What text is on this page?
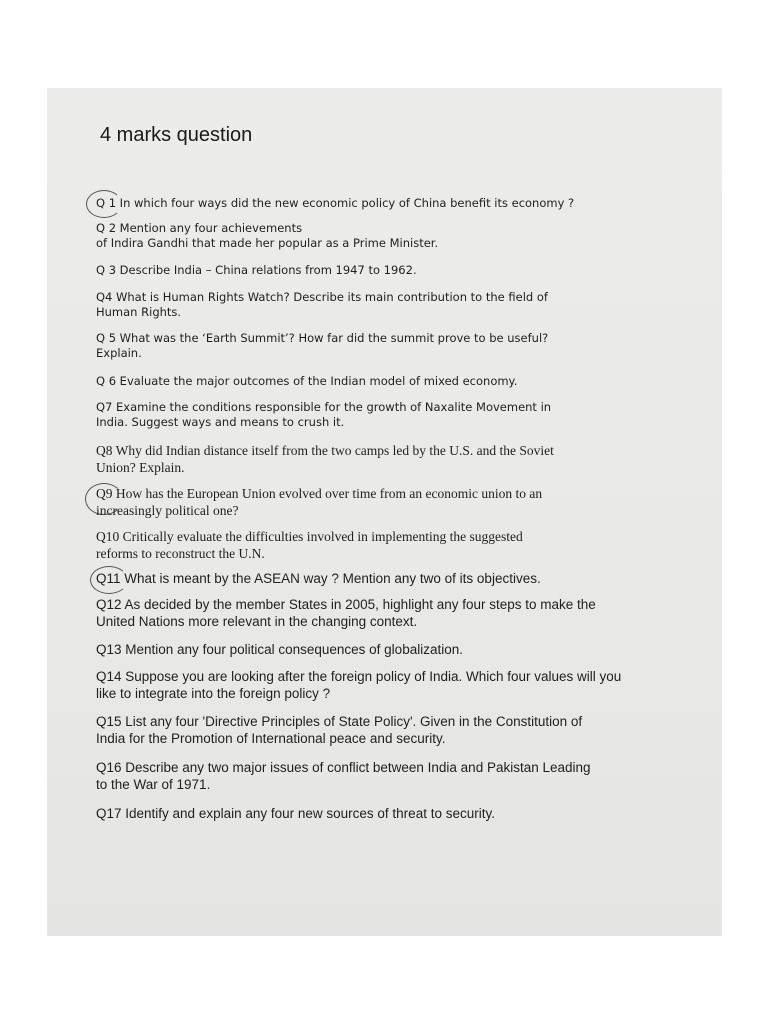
4 marks question
Q 1 In which four ways did the new economic policy of China benefit its economy ?
Q 2 Mention any four achievements
of Indira Gandhi that made her popular as a Prime Minister.
Q 3 Describe India – China relations from 1947 to 1962.
Q4 What is Human Rights Watch? Describe its main contribution to the field of
Human Rights.
Q 5 What was the ‘Earth Summit’? How far did the summit prove to be useful?
Explain.
Q 6 Evaluate the major outcomes of the Indian model of mixed economy.
Q7 Examine the conditions responsible for the growth of Naxalite Movement in
India. Suggest ways and means to crush it.
Q8 Why did Indian distance itself from the two camps led by the U.S. and the Soviet
Union? Explain.
Q9 How has the European Union evolved over time from an economic union to an
increasingly political one?
Q10 Critically evaluate the difficulties involved in implementing the suggested
reforms to reconstruct the U.N.
Q11 What is meant by the ASEAN way ? Mention any two of its objectives.
Q12 As decided by the member States in 2005, highlight any four steps to make the
United Nations more relevant in the changing context.
Q13 Mention any four political consequences of globalization.
Q14 Suppose you are looking after the foreign policy of India. Which four values will you
like to integrate into the foreign policy ?
Q15 List any four 'Directive Principles of State Policy'. Given in the Constitution of
India for the Promotion of International peace and security.
Q16 Describe any two major issues of conflict between India and Pakistan Leading
to the War of 1971.
Q17 Identify and explain any four new sources of threat to security.
